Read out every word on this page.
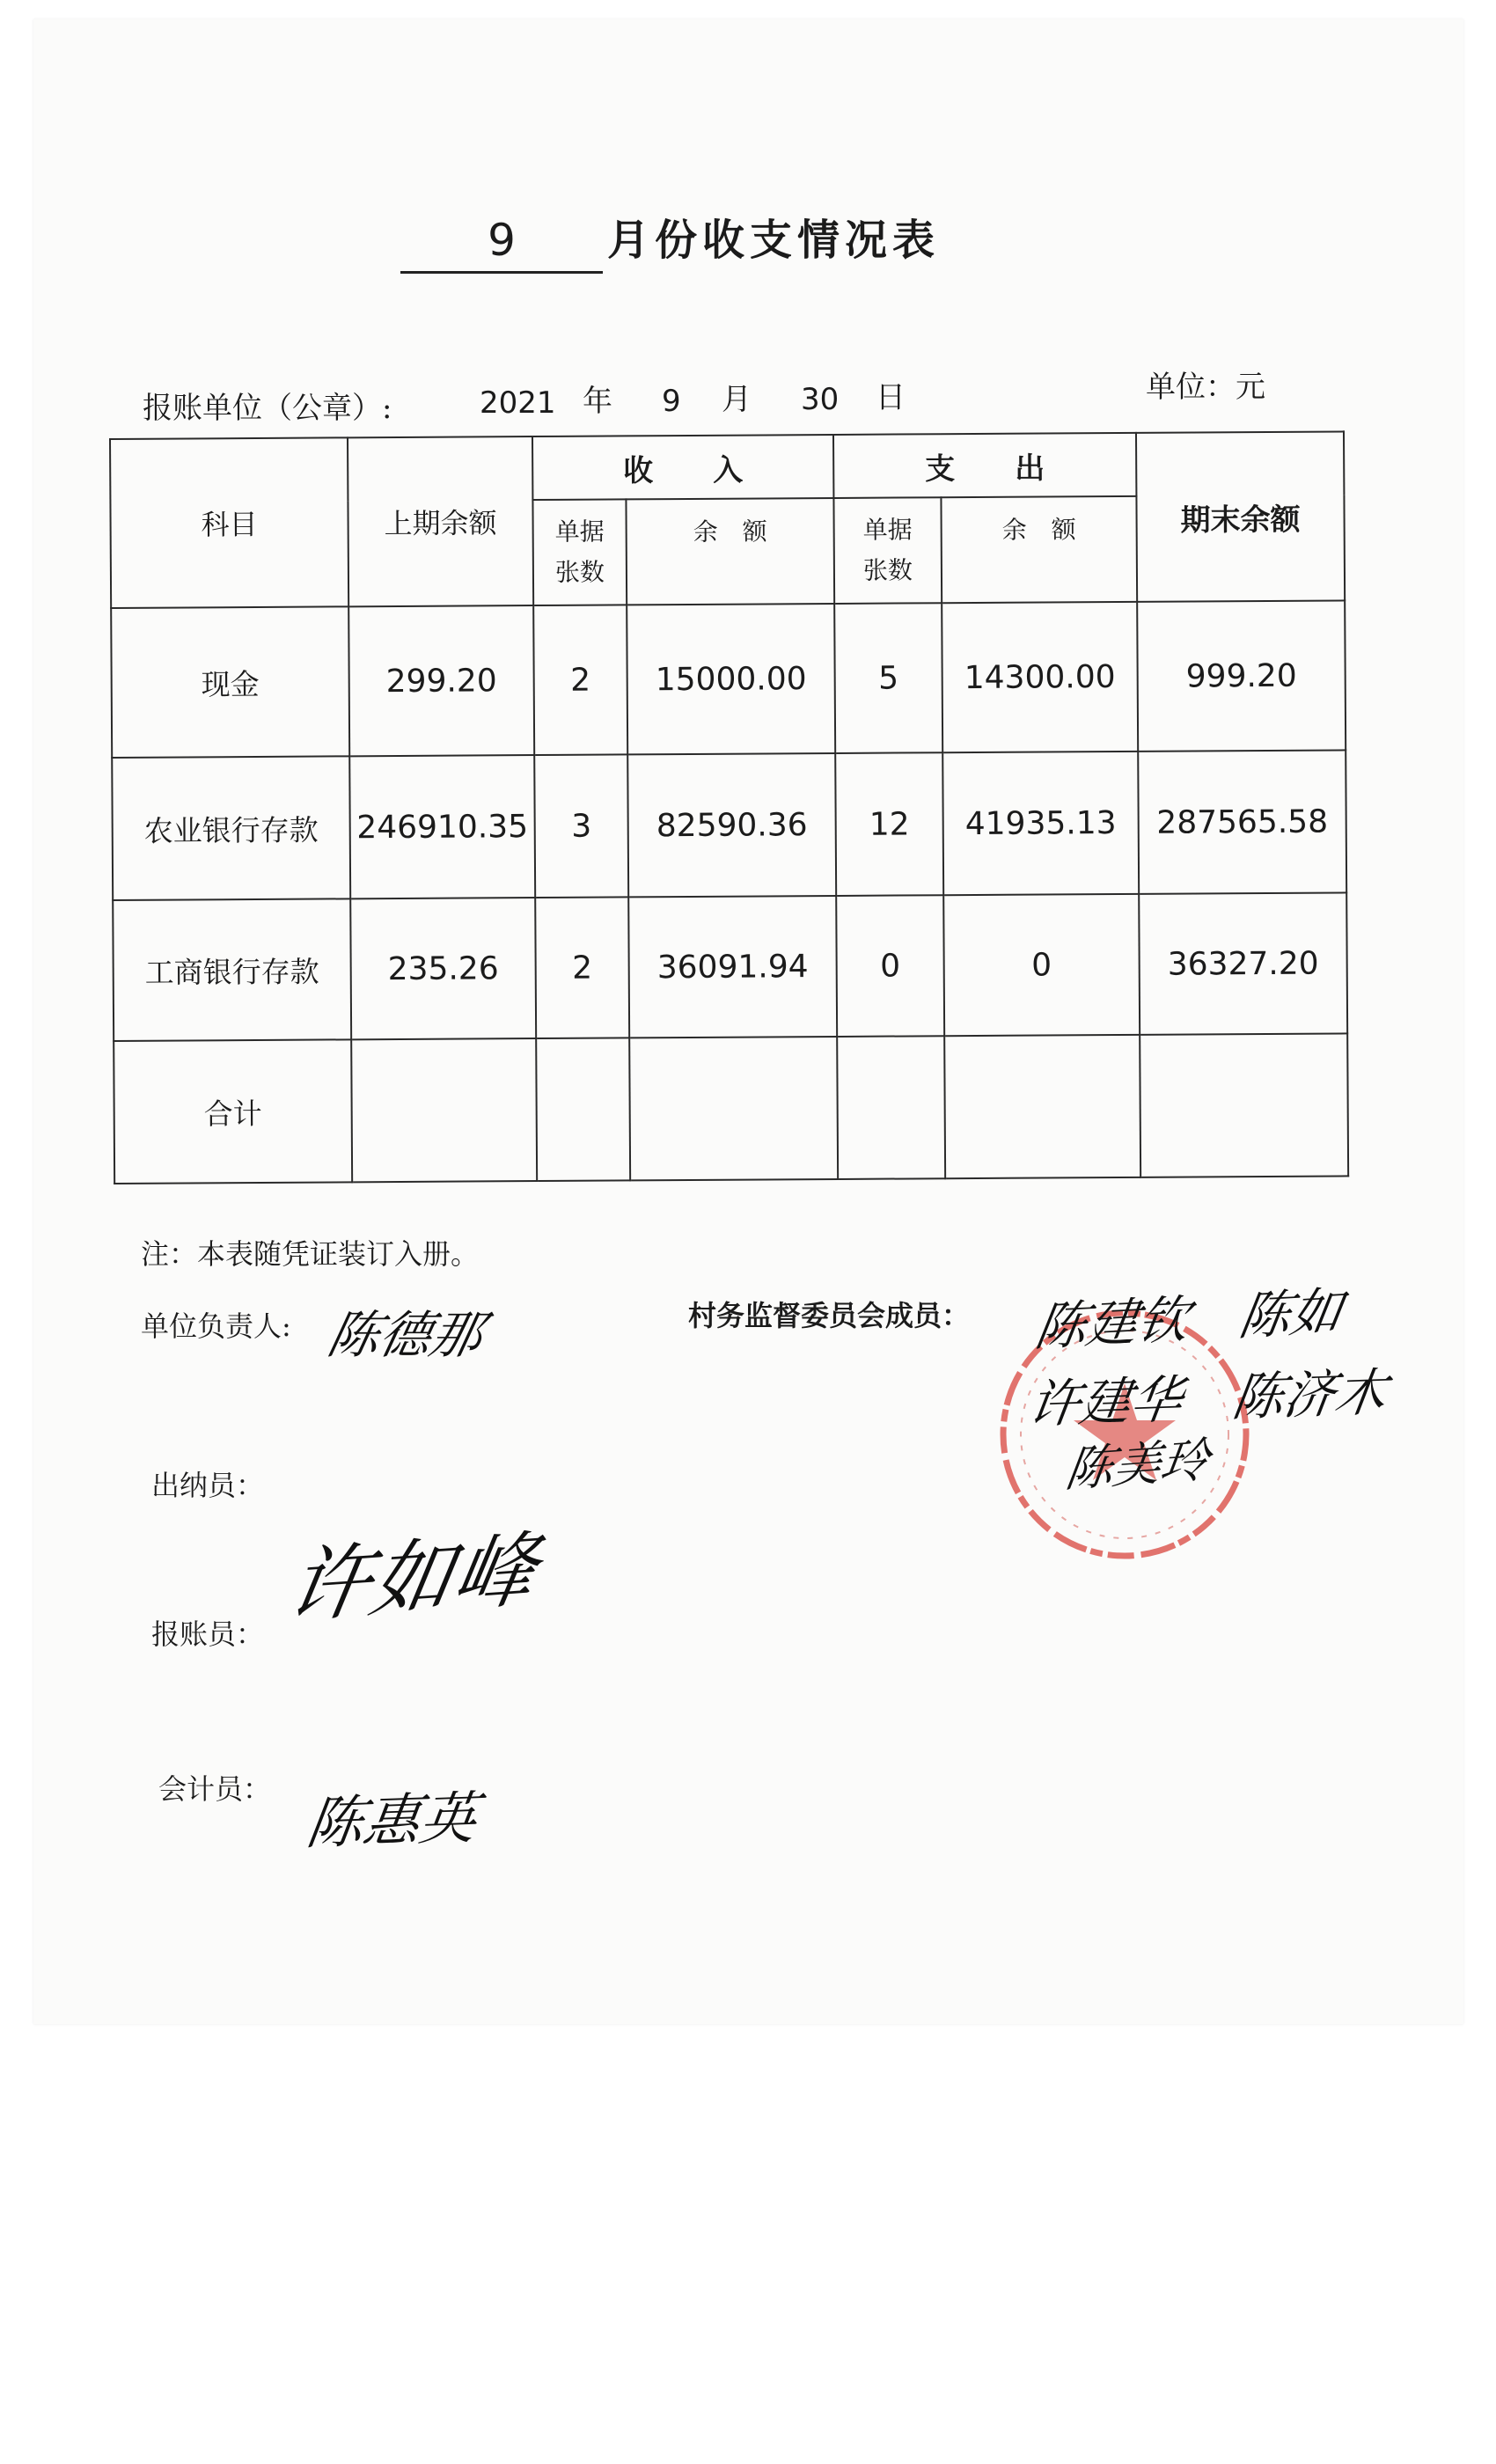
9	月份收支情况表
报账单位（公章）:	2021 年 9 月 30 日	单位：元
科目	上期余额	收　　入		支　　出		期末余额

		单据张数	余　额	单据张数	余　额	
现金	299.20	2	15000.00	5	14300.00	999.20
农业银行存款	246910.35	3	82590.36	12	41935.13	287565.58
工商银行存款	235.26	2	36091.94	0	0	36327.20
合计						
注：本表随凭证装订入册。
单位负责人:	村务监督委员会成员：
出纳员：
报账员：
会计员：
陈德那	陈建钦　陈如
许建华　陈济木
陈美玲
许如峰
陈惠英
